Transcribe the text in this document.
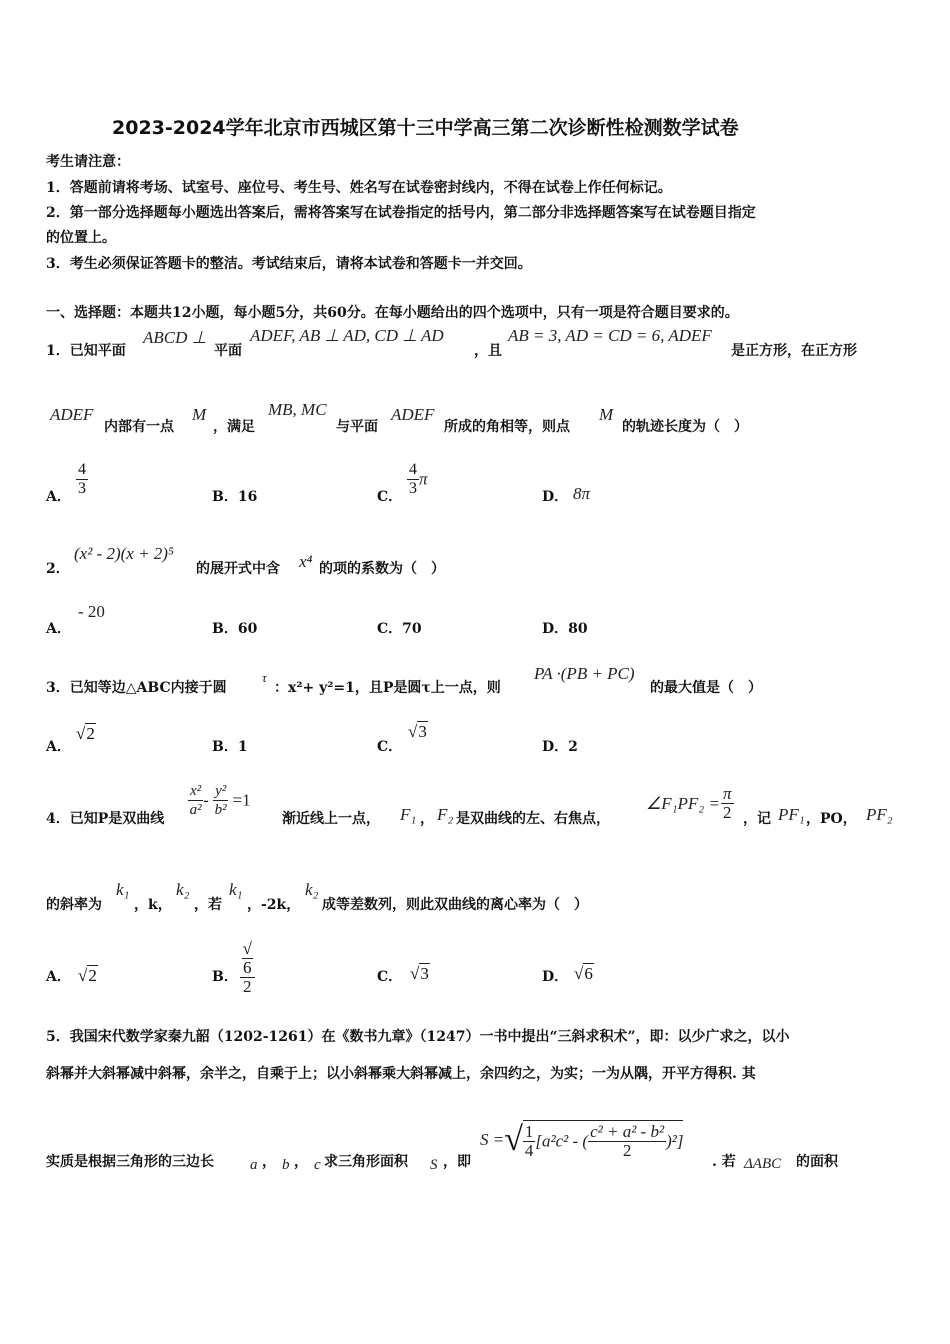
2023-2024学年北京市西城区第十三中学高三第二次诊断性检测数学试卷
考生请注意：
1．答题前请将考场、试室号、座位号、考生号、姓名写在试卷密封线内，不得在试卷上作任何标记。
2．第一部分选择题每小题选出答案后，需将答案写在试卷指定的括号内，第二部分非选择题答案写在试卷题目指定
的位置上。
3．考生必须保证答题卡的整洁。考试结束后，请将本试卷和答题卡一并交回。
一、选择题：本题共12小题，每小题5分，共60分。在每小题给出的四个选项中，只有一项是符合题目要求的。
1．已知平面
ABCD ⊥
平面
ADEF, AB ⊥ AD, CD ⊥ AD
，且
AB = 3, AD = CD = 6, ADEF
是正方形，在正方形
ADEF
内部有一点
M
，满足
MB, MC
与平面
ADEF
所成的角相等，则点
M
的轨迹长度为（　）
A． $\frac{4}{3}$	B．16	C． $\frac{4}{3}$ π
D． 8π
2．
(x² - 2)(x + 2)⁵
的展开式中含 x⁴ 的项的系数为（　）
A．
- 20
B．60	C．70	D．80
3．已知等边△ABC内接于圆
τ
：x²+ y²=1，且P是圆τ上一点，则
PA ·(PB + PC)
的最大值是（　）
A．
√2
B．1	C．
√3
D．2
4．已知P是双曲线 $\frac{\text{x²}}{\text{a²}} - \frac{\text{y²}}{\text{b²}} =1$
渐近线上一点， F₁ ， F₂ 是双曲线的左、右焦点，
∠F₁PF₂ = $\frac{\pi}{2}$ ，记 PF₁ ，PO， PF₂
的斜率为
k₁
，k，
k₂
，若
k₁
，-2k，
k₂
成等差数列，则此双曲线的离心率为（　）
A． √2	B． √
6
2	C． √3	D． √6
5．我国宋代数学家秦九韶（1202-1261）在《数书九章》（1247）一书中提出“三斜求积术”，即：以少广求之，以小
斜幂并大斜幂减中斜幂，余半之，自乘于上；以小斜幂乘大斜幂减上，余四约之，为实；一为从隅，开平方得积. 其
实质是根据三角形的三边长 a ， b ， c 求三角形面积 S ，即
S =√ $\frac{1}{4} [a^2c^2$ - ( $\frac{\text{c² + a² - b²}}{2} )^2$]
. 若 ΔABC 的面积
